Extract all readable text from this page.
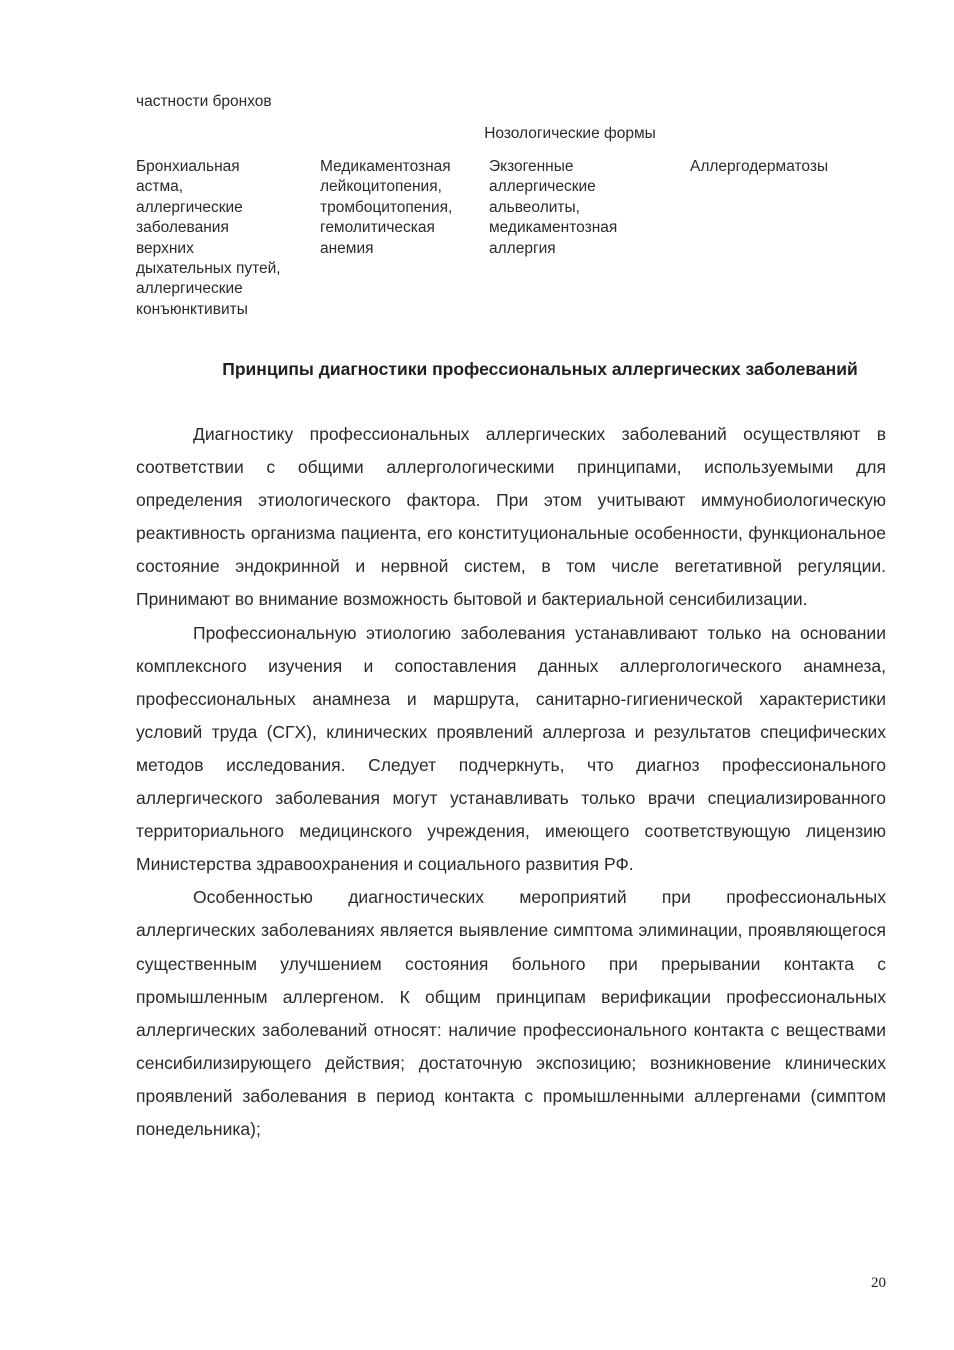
частности бронхов
Нозологические формы
Бронхиальная
астма,
аллергические
заболевания
верхних
дыхательных путей,
аллергические
конъюнктивиты
Медикаментозная
лейкоцитопения,
тромбоцитопения,
гемолитическая
анемия
Экзогенные
аллергические
альвеолиты,
медикаментозная
аллергия
Аллергодерматозы
Принципы диагностики профессиональных аллергических заболеваний

Диагностику профессиональных аллергических заболеваний осуществляют в соответствии с общими аллергологическими принципами, используемыми для определения этиологического фактора. При этом учитывают иммунобиологическую реактивность организма пациента, его конституциональные особенности, функциональное состояние эндокринной и нервной систем, в том числе вегетативной регуляции. Принимают во внимание возможность бытовой и бактериальной сенсибилизации.

Профессиональную этиологию заболевания устанавливают только на основании комплексного изучения и сопоставления данных аллергологического анамнеза, профессиональных анамнеза и маршрута, санитарно-гигиенической характеристики условий труда (СГХ), клинических проявлений аллергоза и результатов специфических методов исследования. Следует подчеркнуть, что диагноз профессионального аллергического заболевания могут устанавливать только врачи специализированного территориального медицинского учреждения, имеющего соответствующую лицензию Министерства здравоохранения и социального развития РФ.

Особенностью диагностических мероприятий при профессиональных аллергических заболеваниях является выявление симптома элиминации, проявляющегося существенным улучшением состояния больного при прерывании контакта с промышленным аллергеном. К общим принципам верификации профессиональных аллергических заболеваний относят: наличие профессионального контакта с веществами сенсибилизирующего действия; достаточную экспозицию; возникновение клинических проявлений заболевания в период контакта с промышленными аллергенами (симптом понедельника);

20
